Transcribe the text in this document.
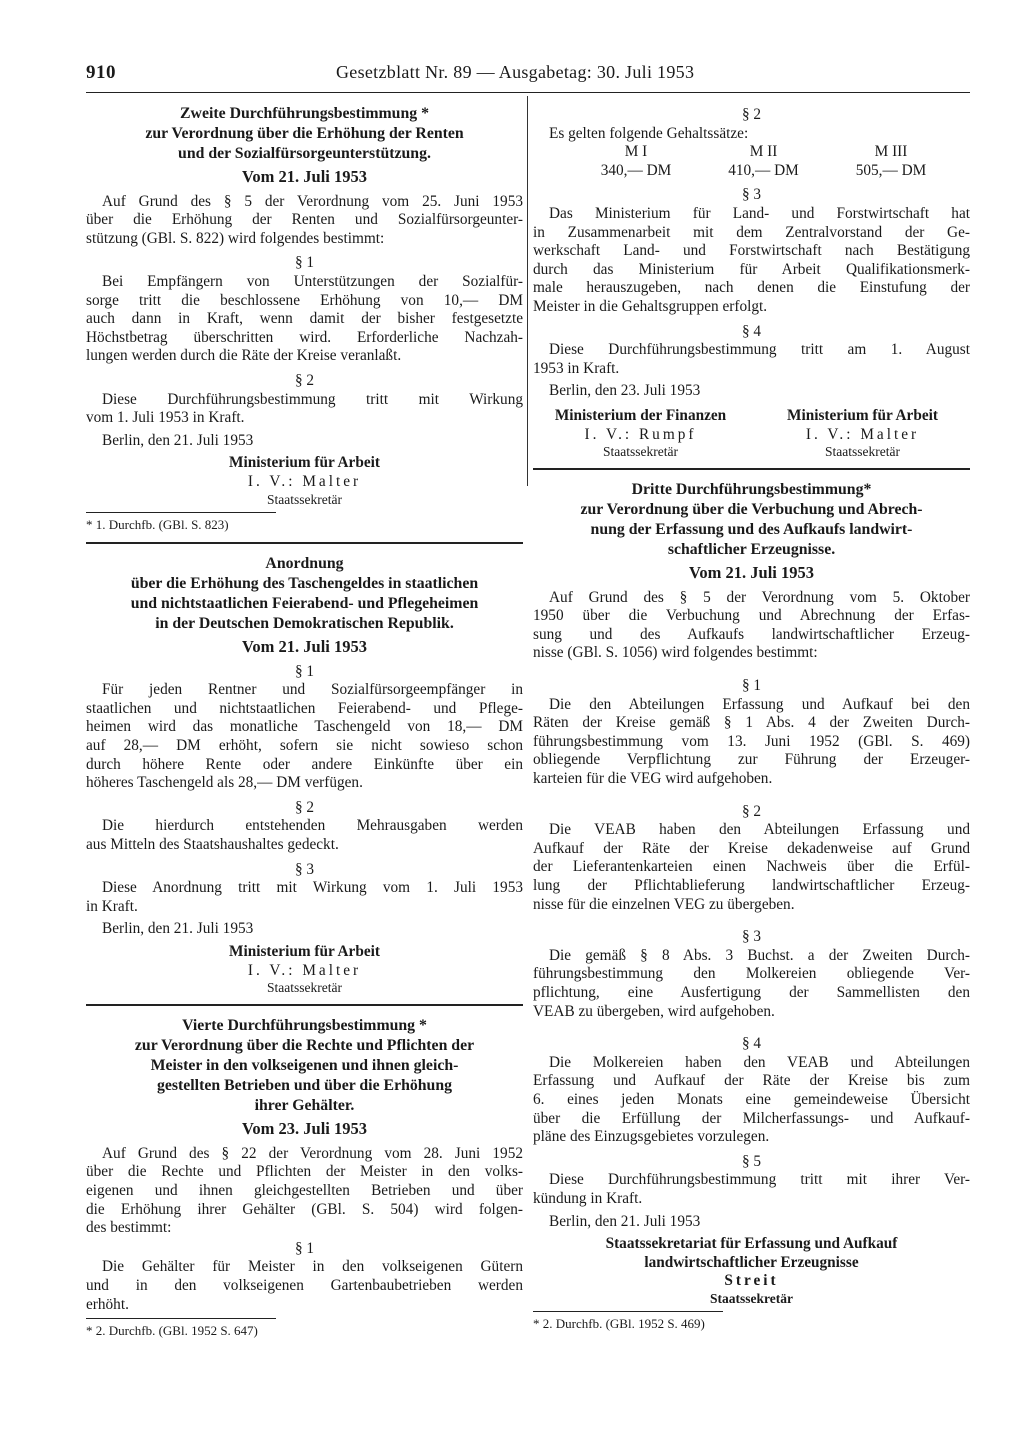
910	Gesetzblatt Nr. 89 — Ausgabetag: 30. Juli 1953

Zweite Durchführungsbestimmung *

zur Verordnung über die Erhöhung der Renten

und der Sozialfürsorgeunterstützung.

Vom 21. Juli 1953

Auf Grund des § 5 der Verordnung vom 25. Juni 1953

über die Erhöhung der Renten und Sozialfürsorgeunter-

stützung (GBl. S. 822) wird folgendes bestimmt:

§ 1

Bei Empfängern von Unterstützungen der Sozialfür-

sorge tritt die beschlossene Erhöhung von 10,— DM

auch dann in Kraft, wenn damit der bisher festgesetzte

Höchstbetrag überschritten wird. Erforderliche Nachzah-

lungen werden durch die Räte der Kreise veranlaßt.

§ 2

Diese Durchführungsbestimmung tritt mit Wirkung

vom 1. Juli 1953 in Kraft.

Berlin, den 21. Juli 1953

Ministerium für Arbeit

I. V.: Malter

Staatssekretär

* 1. Durchfb. (GBl. S. 823)

Anordnung

über die Erhöhung des Taschengeldes in staatlichen

und nichtstaatlichen Feierabend- und Pflegeheimen

in der Deutschen Demokratischen Republik.

Vom 21. Juli 1953

§ 1

Für jeden Rentner und Sozialfürsorgeempfänger in

staatlichen und nichtstaatlichen Feierabend- und Pflege-

heimen wird das monatliche Taschengeld von 18,— DM

auf 28,— DM erhöht, sofern sie nicht sowieso schon

durch höhere Rente oder andere Einkünfte über ein

höheres Taschengeld als 28,— DM verfügen.

§ 2

Die hierdurch entstehenden Mehrausgaben werden

aus Mitteln des Staatshaushaltes gedeckt.

§ 3

Diese Anordnung tritt mit Wirkung vom 1. Juli 1953

in Kraft.

Berlin, den 21. Juli 1953

Ministerium für Arbeit

I. V.: Malter

Staatssekretär

Vierte Durchführungsbestimmung *

zur Verordnung über die Rechte und Pflichten der

Meister in den volkseigenen und ihnen gleich-

gestellten Betrieben und über die Erhöhung

ihrer Gehälter.

Vom 23. Juli 1953

Auf Grund des § 22 der Verordnung vom 28. Juni 1952

über die Rechte und Pflichten der Meister in den volks-

eigenen und ihnen gleichgestellten Betrieben und über

die Erhöhung ihrer Gehälter (GBl. S. 504) wird folgen-

des bestimmt:

§ 1

Die Gehälter für Meister in den volkseigenen Gütern

und in den volkseigenen Gartenbaubetrieben werden

erhöht.

* 2. Durchfb. (GBl. 1952 S. 647)

§ 2

Es gelten folgende Gehaltssätze:

M I
340,— DM
M II
410,— DM
M III
505,— DM

§ 3

Das Ministerium für Land- und Forstwirtschaft hat

in Zusammenarbeit mit dem Zentralvorstand der Ge-

werkschaft Land- und Forstwirtschaft nach Bestätigung

durch das Ministerium für Arbeit Qualifikationsmerk-

male herauszugeben, nach denen die Einstufung der

Meister in die Gehaltsgruppen erfolgt.

§ 4

Diese Durchführungsbestimmung tritt am 1. August

1953 in Kraft.

Berlin, den 23. Juli 1953

Ministerium der Finanzen

I. V.: Rumpf

Staatssekretär

Ministerium für Arbeit

I. V.: Malter

Staatssekretär

Dritte Durchführungsbestimmung*

zur Verordnung über die Verbuchung und Abrech-

nung der Erfassung und des Aufkaufs landwirt-

schaftlicher Erzeugnisse.

Vom 21. Juli 1953

Auf Grund des § 5 der Verordnung vom 5. Oktober

1950 über die Verbuchung und Abrechnung der Erfas-

sung und des Aufkaufs landwirtschaftlicher Erzeug-

nisse (GBl. S. 1056) wird folgendes bestimmt:

§ 1

Die den Abteilungen Erfassung und Aufkauf bei den

Räten der Kreise gemäß § 1 Abs. 4 der Zweiten Durch-

führungsbestimmung vom 13. Juni 1952 (GBl. S. 469)

obliegende Verpflichtung zur Führung der Erzeuger-

karteien für die VEG wird aufgehoben.

§ 2

Die VEAB haben den Abteilungen Erfassung und

Aufkauf der Räte der Kreise dekadenweise auf Grund

der Lieferantenkarteien einen Nachweis über die Erfül-

lung der Pflichtablieferung landwirtschaftlicher Erzeug-

nisse für die einzelnen VEG zu übergeben.

§ 3

Die gemäß § 8 Abs. 3 Buchst. a der Zweiten Durch-

führungsbestimmung den Molkereien obliegende Ver-

pflichtung, eine Ausfertigung der Sammellisten den

VEAB zu übergeben, wird aufgehoben.

§ 4

Die Molkereien haben den VEAB und Abteilungen

Erfassung und Aufkauf der Räte der Kreise bis zum

6. eines jeden Monats eine gemeindeweise Übersicht

über die Erfüllung der Milcherfassungs- und Aufkauf-

pläne des Einzugsgebietes vorzulegen.

§ 5

Diese Durchführungsbestimmung tritt mit ihrer Ver-

kündung in Kraft.

Berlin, den 21. Juli 1953

Staatssekretariat für Erfassung und Aufkauf

landwirtschaftlicher Erzeugnisse

Streit

Staatssekretär

* 2. Durchfb. (GBl. 1952 S. 469)
